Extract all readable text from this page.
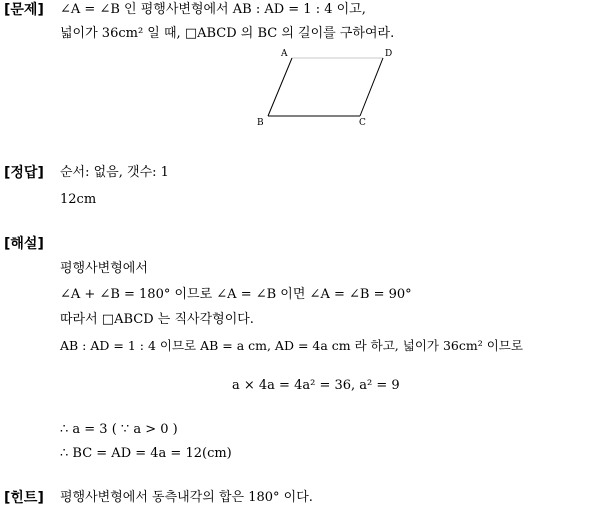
[문제] ∠A = ∠B 인 평행사변형에서 AB : AD = 1 : 4 이고,
넓이가 36cm² 일 때, □ABCD 의 BC 의 길이를 구하여라.
A	D
B	C
[정답] 순서: 없음, 갯수: 1
12cm
[해설]
평행사변형에서
∠A + ∠B = 180° 이므로 ∠A = ∠B 이면 ∠A = ∠B = 90°
따라서 □ABCD 는 직사각형이다.
AB : AD = 1 : 4 이므로 AB = a cm, AD = 4a cm 라 하고, 넓이가 36cm² 이므로
a × 4a = 4a² = 36, a² = 9
∴ a = 3 ( ∵ a > 0 )
∴ BC = AD = 4a = 12(cm)
[힌트] 평행사변형에서 동측내각의 합은 180° 이다.
